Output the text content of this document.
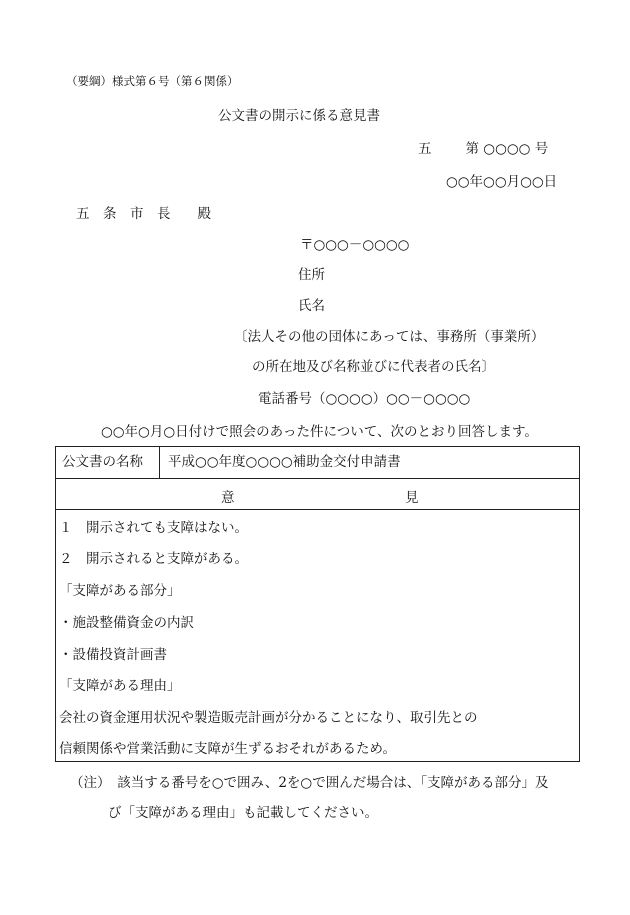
（要綱）様式第６号（第６関係）
公文書の開示に係る意見書
五	第 ○○○○ 号
○○年○○月○○日
五　条　市　長　　殿
〒○○○－○○○○
住所
氏名
〔法人その他の団体にあっては、事務所（事業所）
の所在地及び名称並びに代表者の氏名〕
電話番号（○○○○）○○－○○○○
○○年○月○日付けで照会のあった件について、次のとおり回答します。
公文書の名称	平成○○年度○○○○補助金交付申請書
意	見
１　開示されても支障はない。
２　開示されると支障がある。
「支障がある部分」
・施設整備資金の内訳
・設備投資計画書
「支障がある理由」
会社の資金運用状況や製造販売計画が分かることになり、取引先との
信頼関係や営業活動に支障が生ずるおそれがあるため。
（注）　該当する番号を○で囲み、2を○で囲んだ場合は、「支障がある部分」及
び「支障がある理由」も記載してください。
